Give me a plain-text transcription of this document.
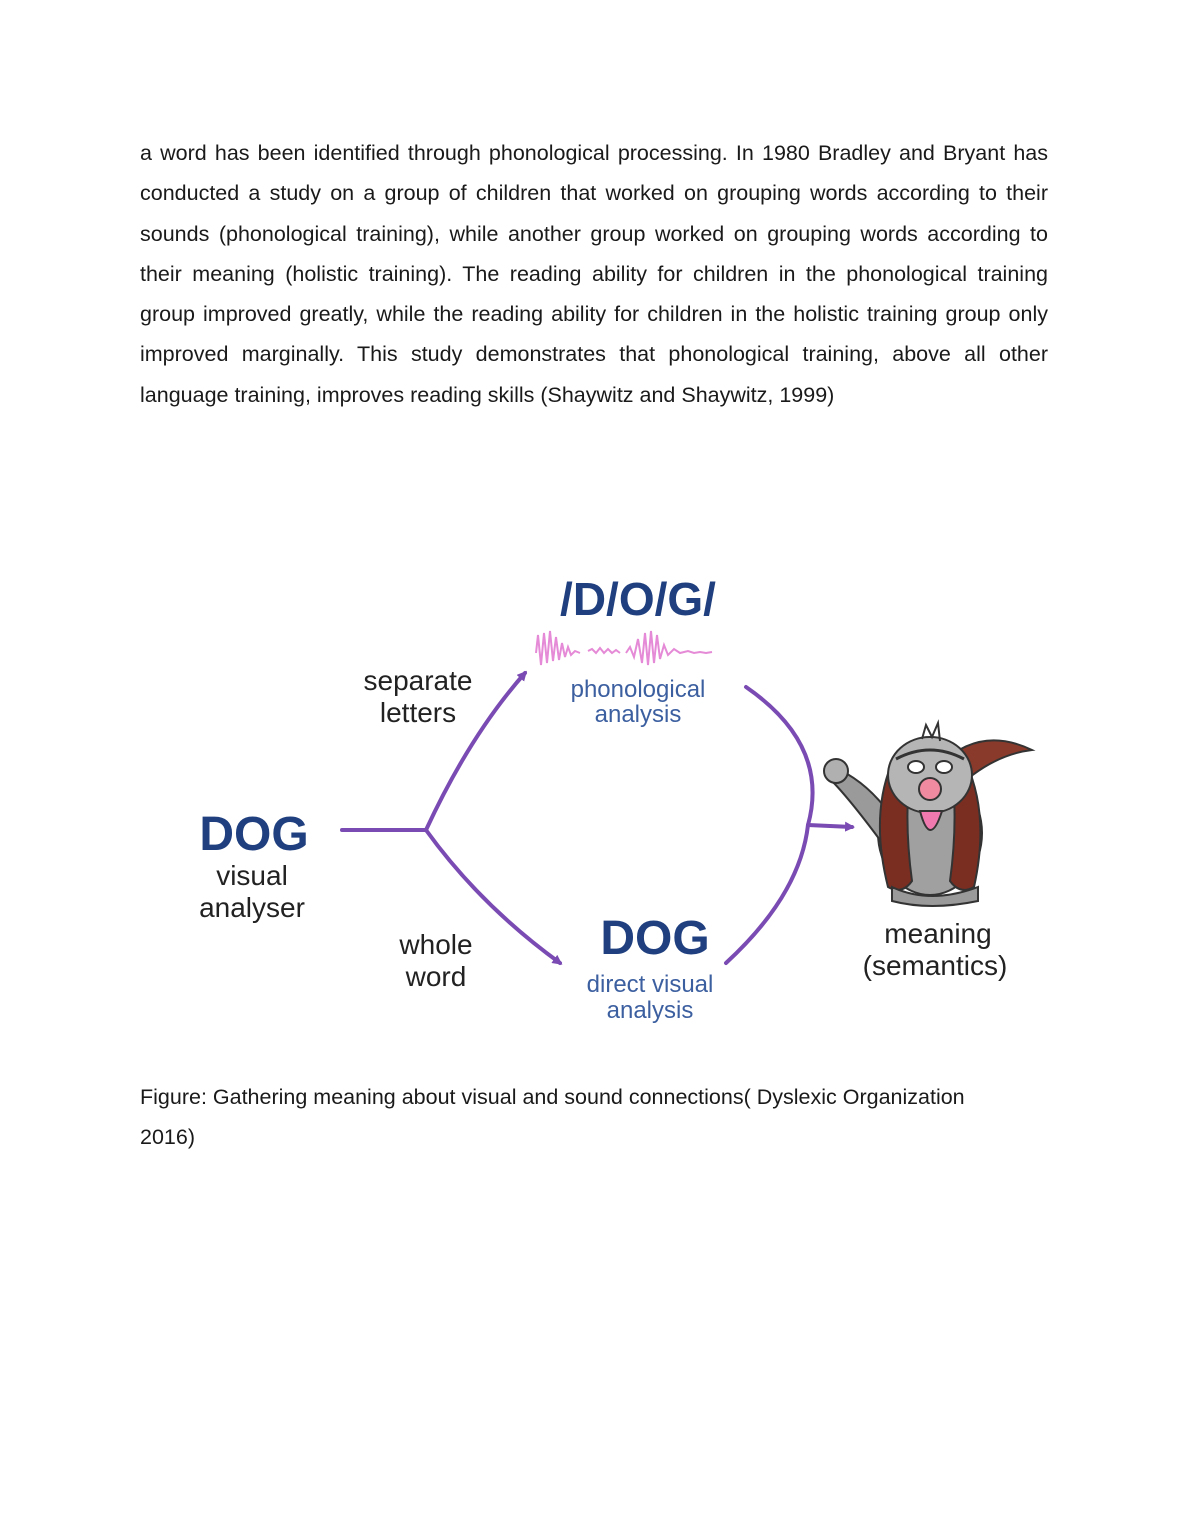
a word has been identified through phonological processing. In 1980 Bradley and Bryant has conducted a study on a group of children that worked on grouping words according to their sounds (phonological training), while another group worked on grouping words according to their meaning (holistic training). The reading ability for children in the phonological training group improved greatly, while the reading ability for children in the holistic training group only improved marginally. This study demonstrates that phonological training, above all other language training, improves reading skills (Shaywitz and Shaywitz, 1999)

/D/O/G/
phonological
analysis
separate
letters
DOG
visual
analyser
whole
word
DOG
direct visual
analysis
meaning
(semantics)

Figure: Gathering meaning about visual and sound connections( Dyslexic Organization
2016)
